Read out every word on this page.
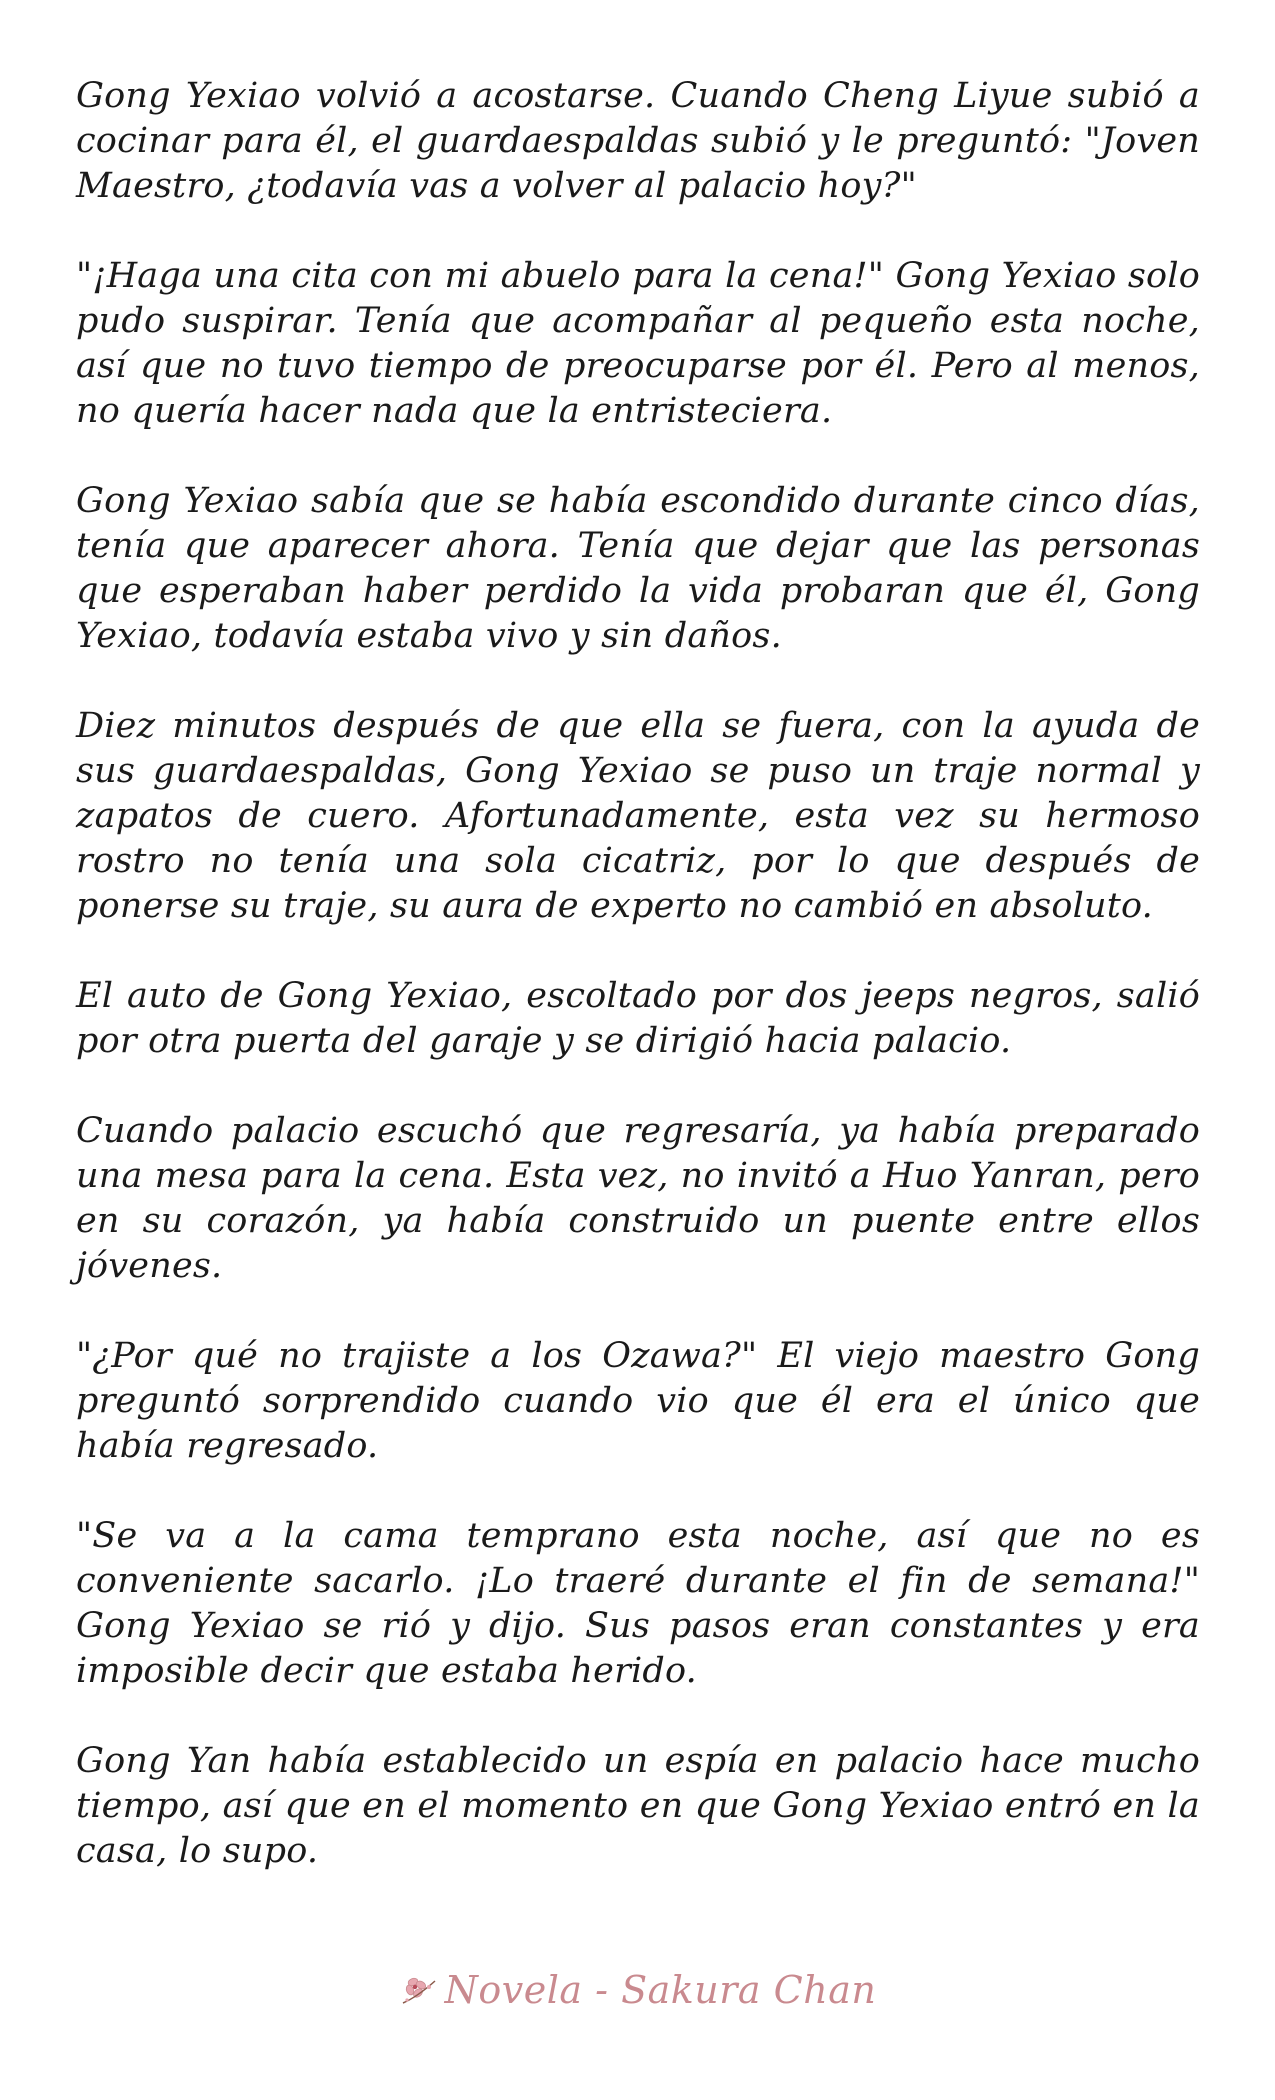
Gong Yexiao volvió a acostarse. Cuando Cheng Liyue subió a cocinar para él, el guardaespaldas subió y le preguntó: "Joven Maestro, ¿todavía vas a volver al palacio hoy?"

"¡Haga una cita con mi abuelo para la cena!" Gong Yexiao solo pudo suspirar. Tenía que acompañar al pequeño esta noche, así que no tuvo tiempo de preocuparse por él. Pero al menos, no quería hacer nada que la entristeciera.

Gong Yexiao sabía que se había escondido durante cinco días, tenía que aparecer ahora. Tenía que dejar que las personas que esperaban haber perdido la vida probaran que él, Gong Yexiao, todavía estaba vivo y sin daños.

Diez minutos después de que ella se fuera, con la ayuda de sus guardaespaldas, Gong Yexiao se puso un traje normal y zapatos de cuero. Afortunadamente, esta vez su hermoso rostro no tenía una sola cicatriz, por lo que después de ponerse su traje, su aura de experto no cambió en absoluto.

El auto de Gong Yexiao, escoltado por dos jeeps negros, salió por otra puerta del garaje y se dirigió hacia palacio.

Cuando palacio escuchó que regresaría, ya había preparado una mesa para la cena. Esta vez, no invitó a Huo Yanran, pero en su corazón, ya había construido un puente entre ellos jóvenes.

"¿Por qué no trajiste a los Ozawa?" El viejo maestro Gong preguntó sorprendido cuando vio que él era el único que había regresado.

"Se va a la cama temprano esta noche, así que no es conveniente sacarlo. ¡Lo traeré durante el fin de semana!" Gong Yexiao se rió y dijo. Sus pasos eran constantes y era imposible decir que estaba herido.

Gong Yan había establecido un espía en palacio hace mucho tiempo, así que en el momento en que Gong Yexiao entró en la casa, lo supo.

Novela - Sakura Chan
